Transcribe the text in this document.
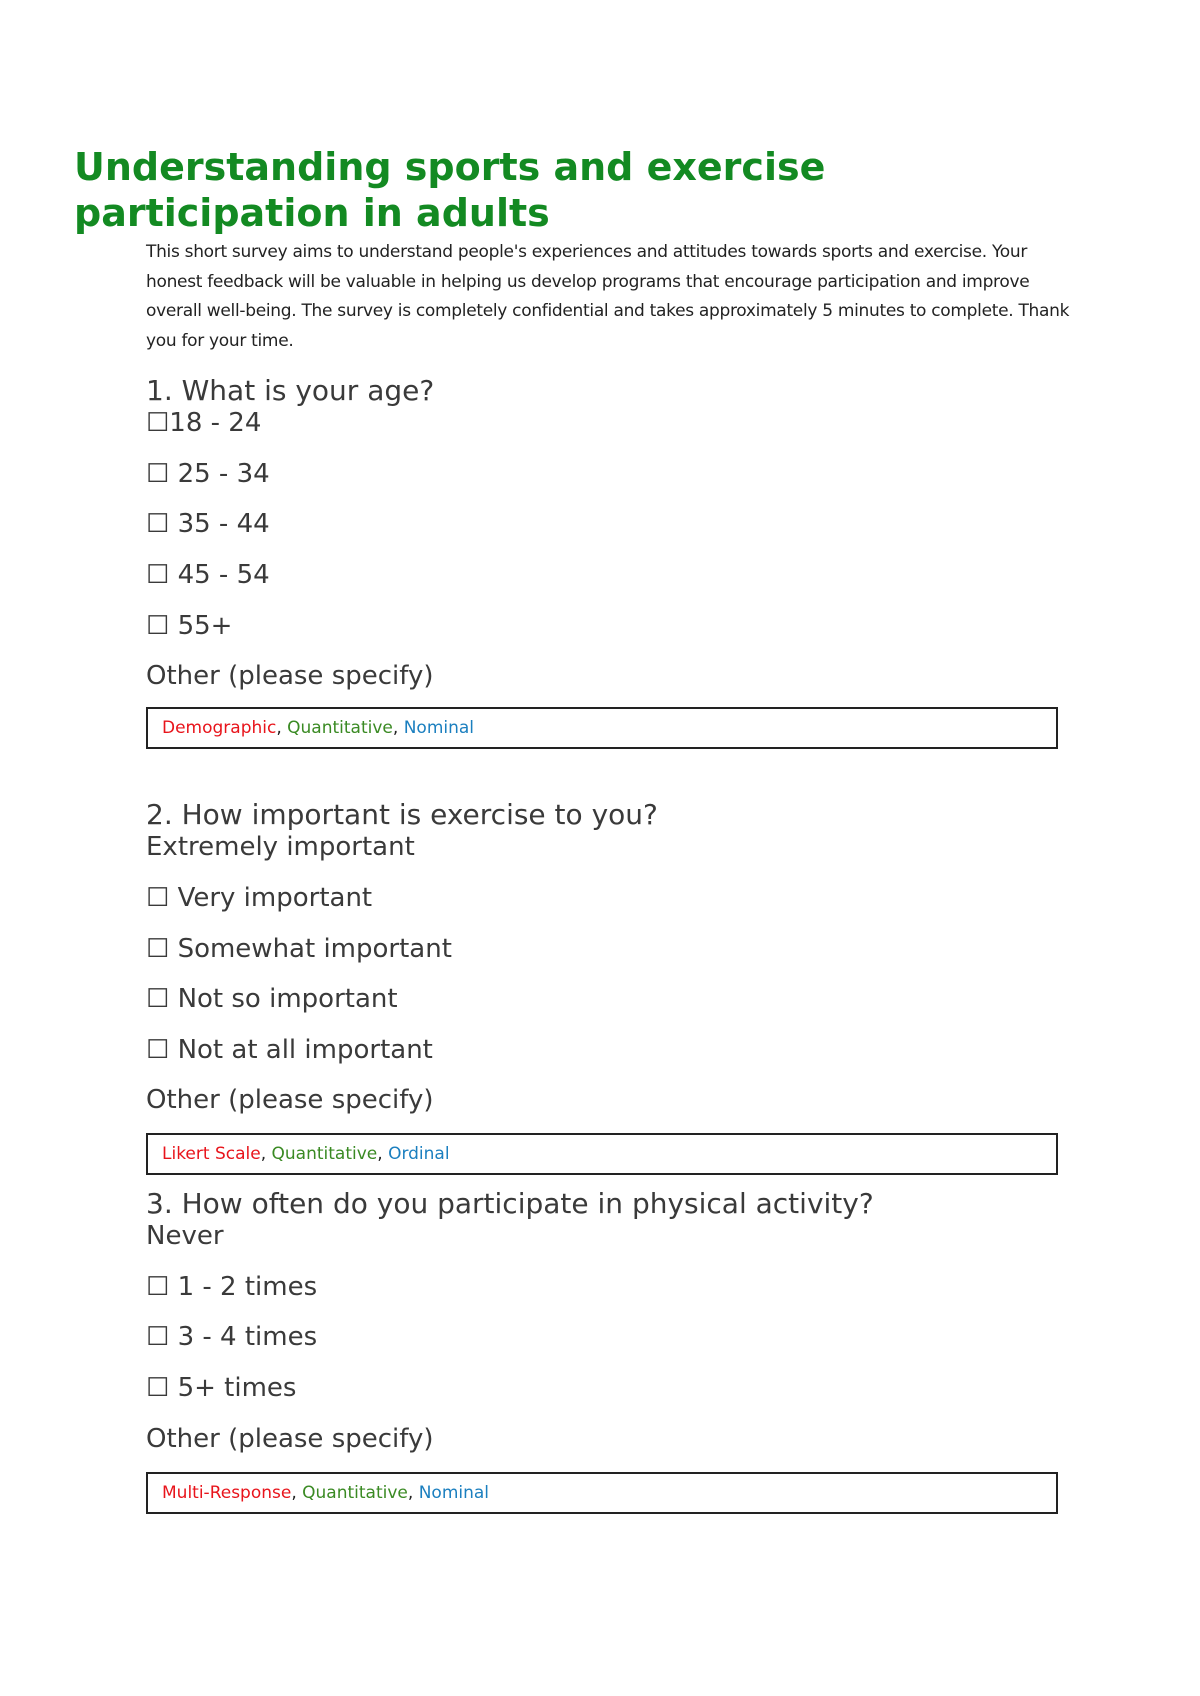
Understanding sports and exercise participation in adults

This short survey aims to understand people's experiences and attitudes towards sports and exercise. Your honest feedback will be valuable in helping us develop programs that encourage participation and improve overall well-being. The survey is completely confidential and takes approximately 5 minutes to complete. Thank you for your time.

1. What is your age?

☐18 - 24
☐ 25 - 34
☐ 35 - 44
☐ 45 - 54
☐ 55+
Other (please specify)
Demographic, Quantitative, Nominal

2. How important is exercise to you?

Extremely important
☐ Very important
☐ Somewhat important
☐ Not so important
☐ Not at all important
Other (please specify)
Likert Scale, Quantitative, Ordinal

3. How often do you participate in physical activity?

Never
☐ 1 - 2 times
☐ 3 - 4 times
☐ 5+ times
Other (please specify)
Multi-Response, Quantitative, Nominal
